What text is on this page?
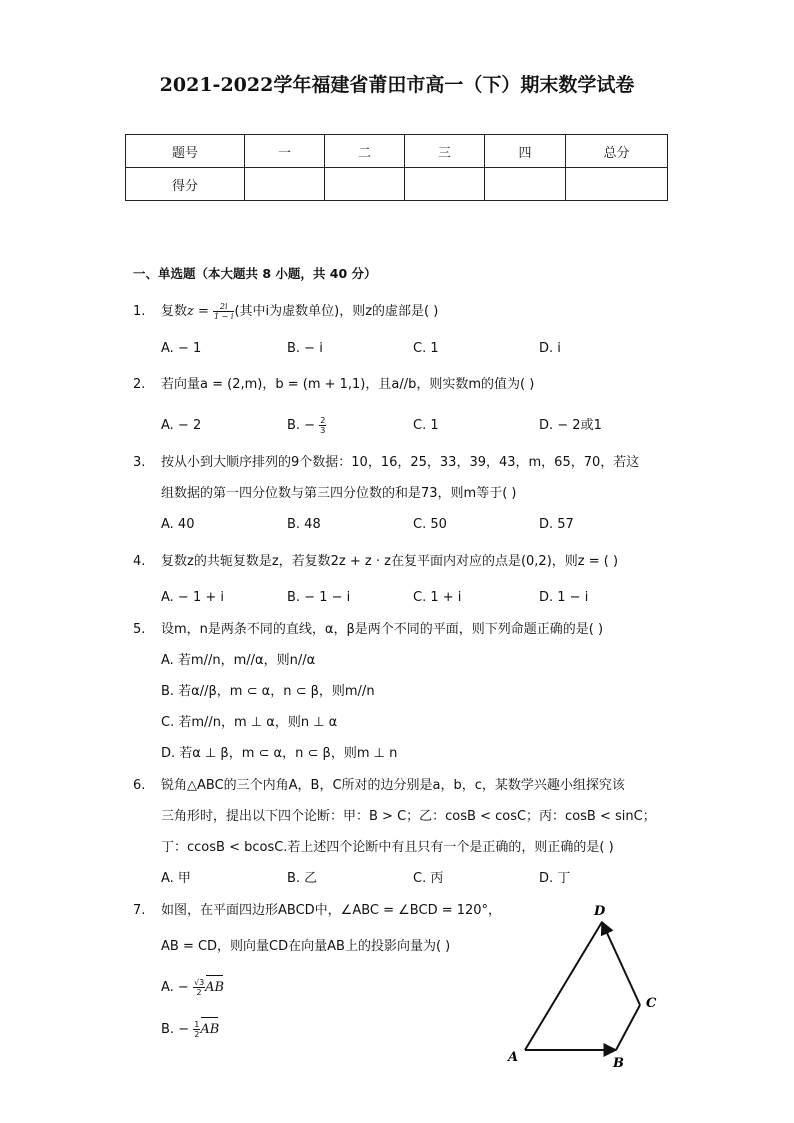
2021-2022学年福建省莆田市高一（下）期末数学试卷
题号	一	二	三	四	总分
得分					
一、单选题（本大题共 8 小题，共 40 分）
1. 复数$z = \frac{2i}{1 - i}$ (其中i为虚数单位)，则z的虚部是( )
A. − 1	B. − i	C. 1	D. i
2. 若向量a = (2,m)，b = (m + 1,1)，且a//b，则实数m的值为( )
A. − 2	B. − $\frac{2}{3}$	C. 1	D. − 2或1
3. 按从小到大顺序排列的9个数据：10，16，25，33，39，43，m，65，70，若这
组数据的第一四分位数与第三四分位数的和是73，则m等于( )
A. 40	B. 48	C. 50	D. 57
4. 复数z的共轭复数是z，若复数2z + z · z在复平面内对应的点是(0,2)，则z = ( )
A. − 1 + i	B. − 1 − i	C. 1 + i	D. 1 − i
5. 设m，n是两条不同的直线，α，β是两个不同的平面，则下列命题正确的是( )
A. 若m//n，m//α，则n//α
B. 若α//β，m ⊂ α，n ⊂ β，则m//n
C. 若m//n，m ⊥ α，则n ⊥ α
D. 若α ⊥ β，m ⊂ α，n ⊂ β，则m ⊥ n
6. 锐角△ABC的三个内角A，B，C所对的边分别是a，b，c，某数学兴趣小组探究该
三角形时，提出以下四个论断：甲：B > C；乙：cosB < cosC；丙：cosB < sinC；
丁：ccosB < bcosC.若上述四个论断中有且只有一个是正确的，则正确的是( )
A. 甲	B. 乙	C. 丙	D. 丁
7. 如图，在平面四边形ABCD中，∠ABC = ∠BCD = 120°，
AB = CD，则向量CD在向量AB上的投影向量为( )
A. − $\frac{√3}{2}$ AB
B. − $\frac{1}{2}$ AB
A	B
C
D
